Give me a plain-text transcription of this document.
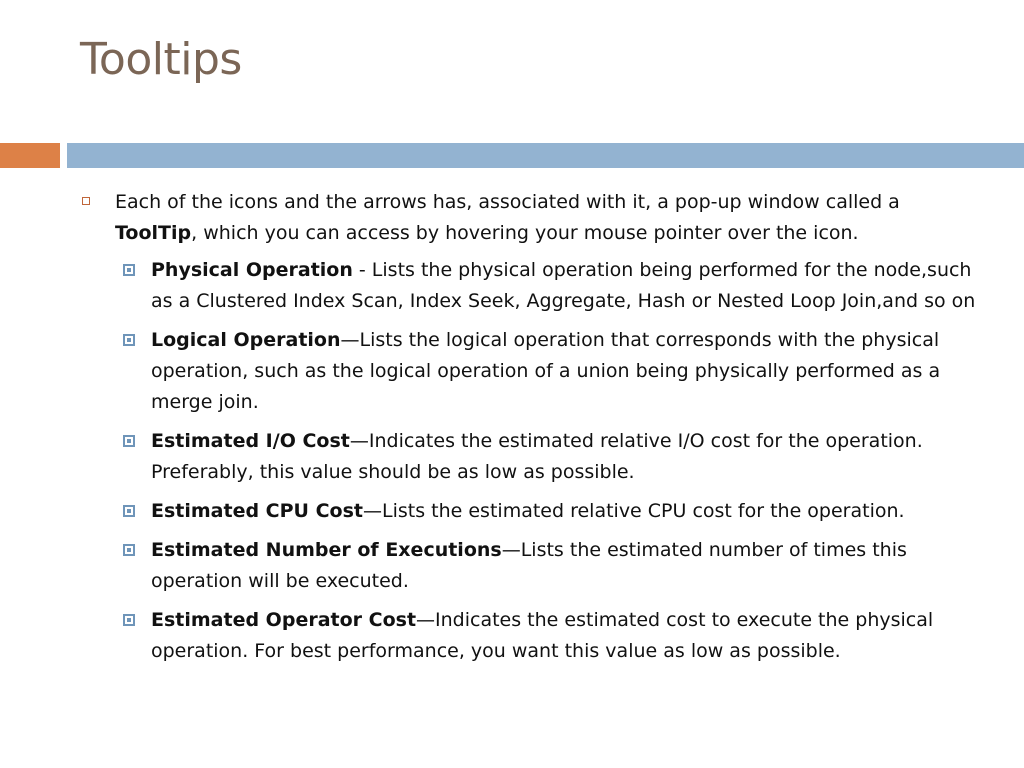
Tooltips
Each of the icons and the arrows has, associated with it, a pop-up window called a ToolTip, which you can access by hovering your mouse pointer over the icon.
Physical Operation - Lists the physical operation being performed for the node,such as a Clustered Index Scan, Index Seek, Aggregate, Hash or Nested Loop Join,and so on
Logical Operation—Lists the logical operation that corresponds with the physical operation, such as the logical operation of a union being physically performed as a merge join.
Estimated I/O Cost—Indicates the estimated relative I/O cost for the operation. Preferably, this value should be as low as possible.
Estimated CPU Cost—Lists the estimated relative CPU cost for the operation.
Estimated Number of Executions—Lists the estimated number of times this operation will be executed.
Estimated Operator Cost—Indicates the estimated cost to execute the physical operation. For best performance, you want this value as low as possible.
